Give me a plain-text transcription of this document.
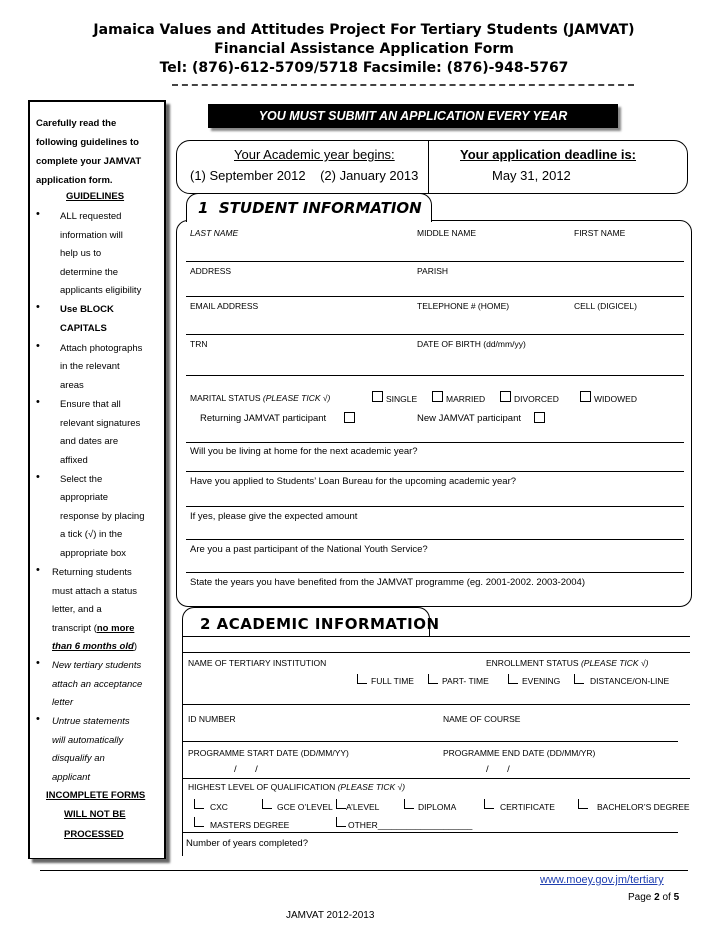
Jamaica Values and Attitudes Project For Tertiary Students (JAMVAT)
Financial Assistance Application Form
Tel: (876)-612-5709/5718 Facsimile: (876)-948-5767
Carefully read the
following guidelines to
complete your JAMVAT
application form.
GUIDELINES
• ALL requested
information will
help us to
determine the
applicants eligibility
• Use BLOCK
CAPITALS
• Attach photographs
in the relevant
areas
• Ensure that all
relevant signatures
and dates are
affixed
• Select the
appropriate
response by placing
a tick (√) in the
appropriate box
• Returning students
must attach a status
letter, and a
transcript (no more
than 6 months old)
• New tertiary students
attach an acceptance
letter
• Untrue statements
will automatically
disqualify an
applicant
INCOMPLETE FORMS
WILL NOT BE
PROCESSED
YOU MUST SUBMIT AN APPLICATION EVERY YEAR
Your Academic year begins:
(1) September 2012    (2) January 2013
Your application deadline is:
May 31, 2012
1  STUDENT INFORMATION
LAST NAME	MIDDLE NAME	FIRST NAME
ADDRESS	PARISH
EMAIL ADDRESS	TELEPHONE # (HOME)	CELL (DIGICEL)
TRN	DATE OF BIRTH (dd/mm/yy)
MARITAL STATUS (PLEASE TICK √)	SINGLE	MARRIED	DIVORCED	WIDOWED
Returning JAMVAT participant	New JAMVAT participant
Will you be living at home for the next academic year?
Have you applied to Students’ Loan Bureau for the upcoming academic year?
If yes, please give the expected amount
Are you a past participant of the National Youth Service?
State the years you have benefited from the JAMVAT programme (eg. 2001-2002. 2003-2004)
2 ACADEMIC INFORMATION
NAME OF TERTIARY INSTITUTION	ENROLLMENT STATUS (PLEASE TICK √)
FULL TIME	PART- TIME	EVENING	DISTANCE/ON-LINE
ID NUMBER	NAME OF COURSE
PROGRAMME START DATE (DD/MM/YY)	PROGRAMME END DATE (DD/MM/YR)
/       /	/       /
HIGHEST LEVEL OF QUALIFICATION (PLEASE TICK √)
CXC	GCE O’LEVEL A’LEVEL	DIPLOMA	CERTIFICATE	BACHELOR’S DEGREE
MASTERS DEGREE	OTHER____________________
Number of years completed?
www.moey.gov.jm/tertiary
Page 2 of 5
JAMVAT 2012-2013
